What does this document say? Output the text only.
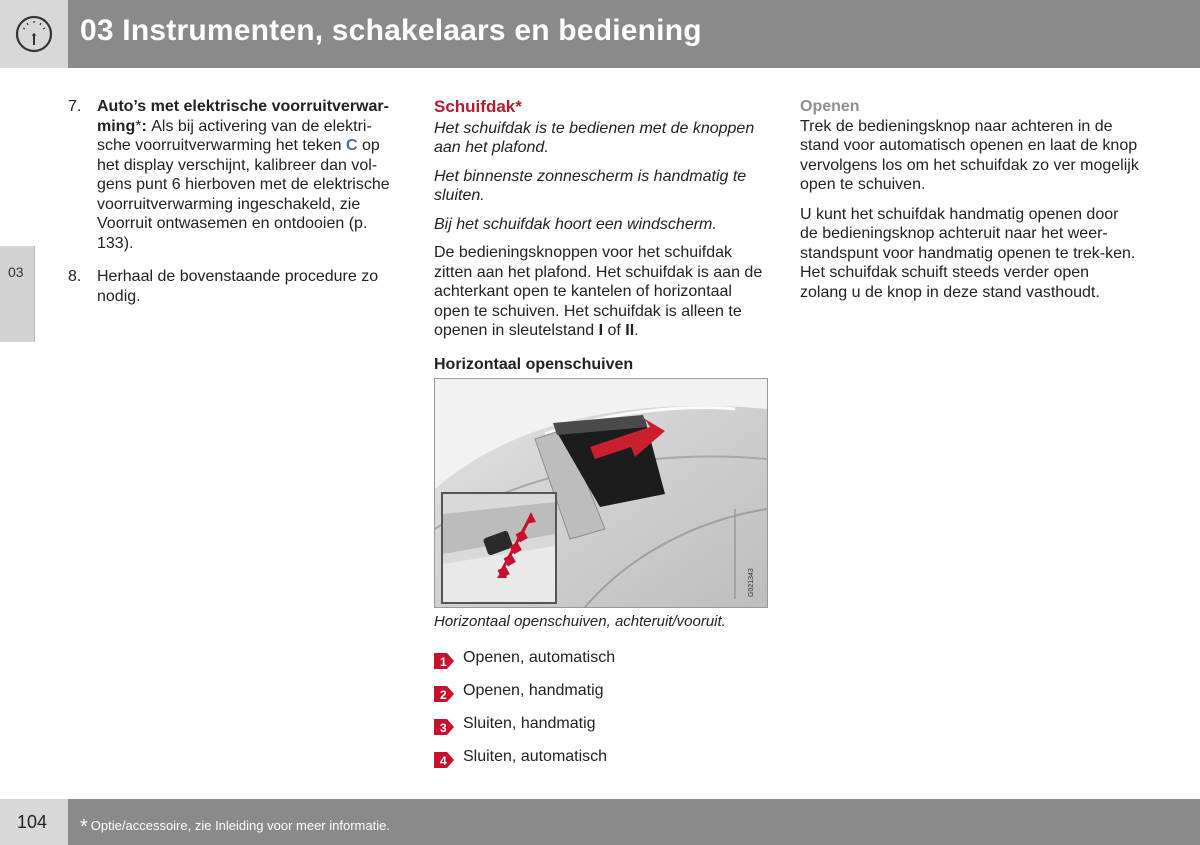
03 Instrumenten, schakelaars en bediening
03
7. Auto’s met elektrische voorruitverwar-ming*: Als bij activering van de elektri-sche voorruitverwarming het teken C op het display verschijnt, kalibreer dan vol-gens punt 6 hierboven met de elektrische voorruitverwarming ingeschakeld, zie Voorruit ontwasemen en ontdooien (p. 133).
8. Herhaal de bovenstaande procedure zo nodig.
Schuifdak*

Het schuifdak is te bedienen met de knoppen aan het plafond.

Het binnenste zonnescherm is handmatig te sluiten.

Bij het schuifdak hoort een windscherm.

De bedieningsknoppen voor het schuifdak zitten aan het plafond. Het schuifdak is aan de achterkant open te kantelen of horizontaal open te schuiven. Het schuifdak is alleen te openen in sleutelstand I of II.

Horizontaal openschuiven
G021343
Horizontaal openschuiven, achteruit/vooruit.
1 Openen, automatisch
2 Openen, handmatig
3 Sluiten, handmatig
4 Sluiten, automatisch
Openen

Trek de bedieningsknop naar achteren in de stand voor automatisch openen en laat de knop vervolgens los om het schuifdak zo ver mogelijk open te schuiven.

U kunt het schuifdak handmatig openen door de bedieningsknop achteruit naar het weer-standspunt voor handmatig openen te trek-ken. Het schuifdak schuift steeds verder open zolang u de knop in deze stand vasthoudt.

104 * Optie/accessoire, zie Inleiding voor meer informatie.
